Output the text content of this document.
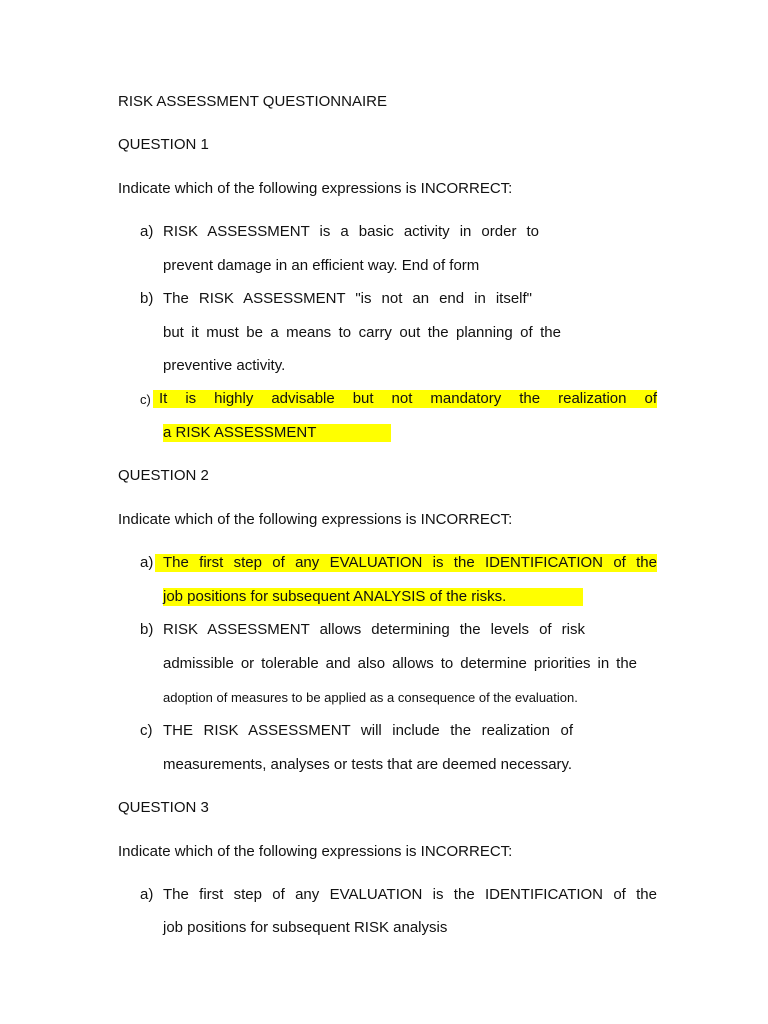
RISK ASSESSMENT QUESTIONNAIRE
QUESTION 1
Indicate which of the following expressions is INCORRECT:
a) RISK ASSESSMENT is a basic activity in order to
prevent damage in an efficient way. End of form
b) The RISK ASSESSMENT "is not an end in itself"
but it must be a means to carry out the planning of the
preventive activity.
c) It is highly advisable but not mandatory the realization of
a RISK ASSESSMENT
QUESTION 2
Indicate which of the following expressions is INCORRECT:
a) The first step of any EVALUATION is the IDENTIFICATION of the
job positions for subsequent ANALYSIS of the risks.
b) RISK ASSESSMENT allows determining the levels of risk
admissible or tolerable and also allows to determine priorities in the
adoption of measures to be applied as a consequence of the evaluation.
c) THE RISK ASSESSMENT will include the realization of
measurements, analyses or tests that are deemed necessary.
QUESTION 3
Indicate which of the following expressions is INCORRECT:
a) The first step of any EVALUATION is the IDENTIFICATION of the
job positions for subsequent RISK analysis
